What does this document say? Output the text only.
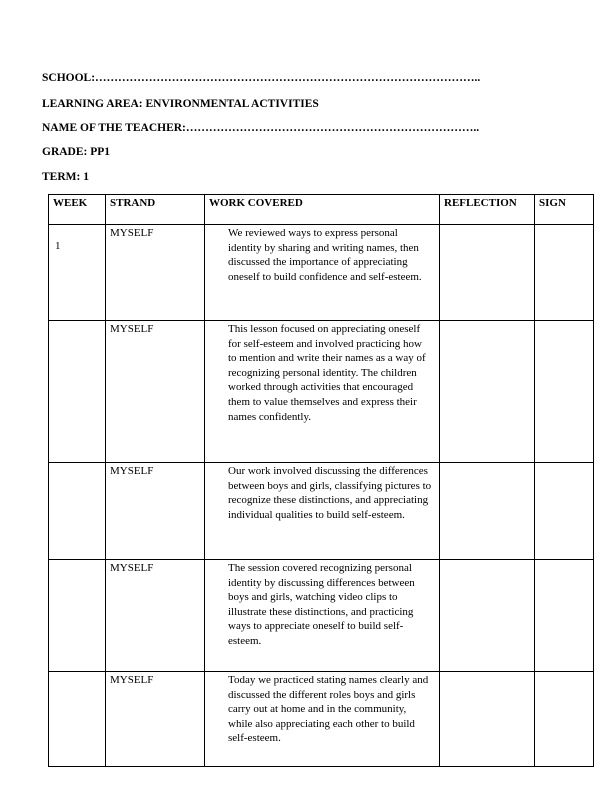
SCHOOL:………………………………………………………………………………………..
LEARNING AREA: ENVIRONMENTAL ACTIVITIES
NAME OF THE TEACHER:…………………………………………………………………..
GRADE: PP1
TERM: 1
WEEK	STRAND	WORK COVERED	REFLECTION	SIGN
1	MYSELF	We reviewed ways to express personal identity by sharing and writing names, then discussed the importance of appreciating oneself to build confidence and self-esteem.		
	MYSELF	This lesson focused on appreciating oneself for self-esteem and involved practicing how to mention and write their names as a way of recognizing personal identity. The children worked through activities that encouraged them to value themselves and express their names confidently.		
	MYSELF	Our work involved discussing the differences between boys and girls, classifying pictures to recognize these distinctions, and appreciating individual qualities to build self-esteem.		
	MYSELF	The session covered recognizing personal identity by discussing differences between boys and girls, watching video clips to illustrate these distinctions, and practicing ways to appreciate oneself to build self-esteem.		
	MYSELF	Today we practiced stating names clearly and discussed the different roles boys and girls carry out at home and in the community, while also appreciating each other to build self-esteem.		
